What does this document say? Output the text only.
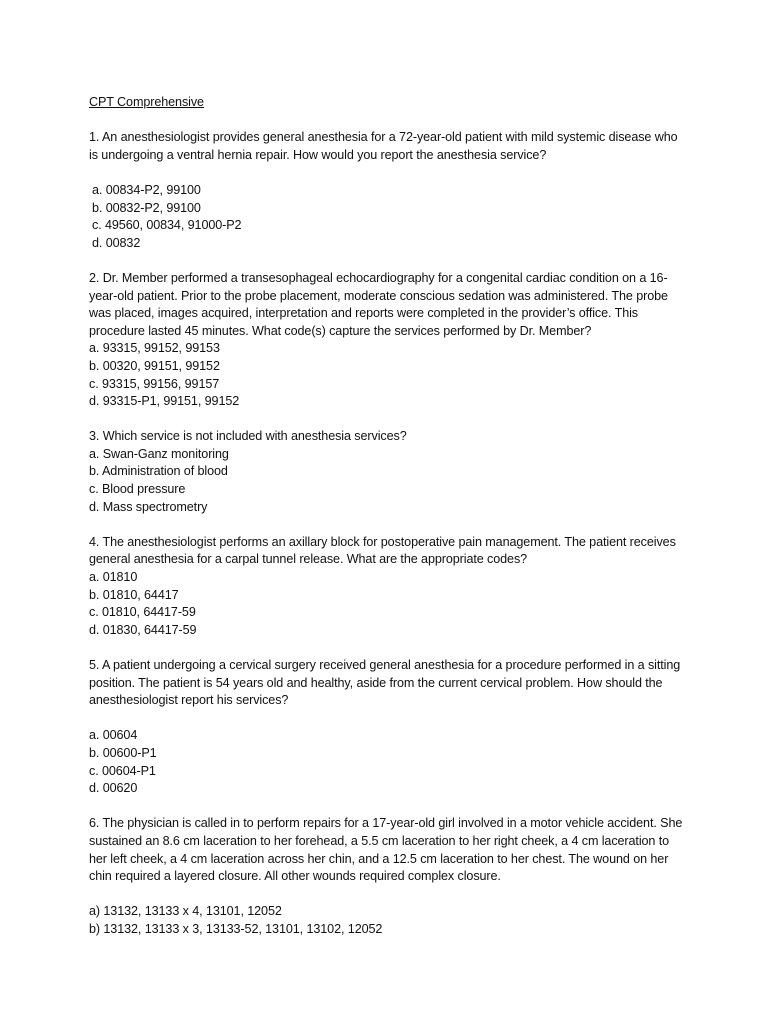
CPT Comprehensive

1. An anesthesiologist provides general anesthesia for a 72-year-old patient with mild systemic disease who is undergoing a ventral hernia repair. How would you report the anesthesia service?

a. 00834-P2, 99100
b. 00832-P2, 99100
c. 49560, 00834, 91000-P2
d. 00832

2. Dr. Member performed a transesophageal echocardiography for a congenital cardiac condition on a 16-year-old patient. Prior to the probe placement, moderate conscious sedation was administered. The probe was placed, images acquired, interpretation and reports were completed in the provider’s office. This procedure lasted 45 minutes. What code(s) capture the services performed by Dr. Member?

a. 93315, 99152, 99153
b. 00320, 99151, 99152
c. 93315, 99156, 99157
d. 93315-P1, 99151, 99152

3. Which service is not included with anesthesia services?

a. Swan-Ganz monitoring
b. Administration of blood
c. Blood pressure
d. Mass spectrometry

4. The anesthesiologist performs an axillary block for postoperative pain management. The patient receives general anesthesia for a carpal tunnel release. What are the appropriate codes?

a. 01810
b. 01810, 64417
c. 01810, 64417-59
d. 01830, 64417-59

5. A patient undergoing a cervical surgery received general anesthesia for a procedure performed in a sitting position. The patient is 54 years old and healthy, aside from the current cervical problem. How should the anesthesiologist report his services?

a. 00604
b. 00600-P1
c. 00604-P1
d. 00620

6. The physician is called in to perform repairs for a 17-year-old girl involved in a motor vehicle accident. She sustained an 8.6 cm laceration to her forehead, a 5.5 cm laceration to her right cheek, a 4 cm laceration to her left cheek, a 4 cm laceration across her chin, and a 12.5 cm laceration to her chest. The wound on her chin required a layered closure. All other wounds required complex closure.

a) 13132, 13133 x 4, 13101, 12052
b) 13132, 13133 x 3, 13133-52, 13101, 13102, 12052
